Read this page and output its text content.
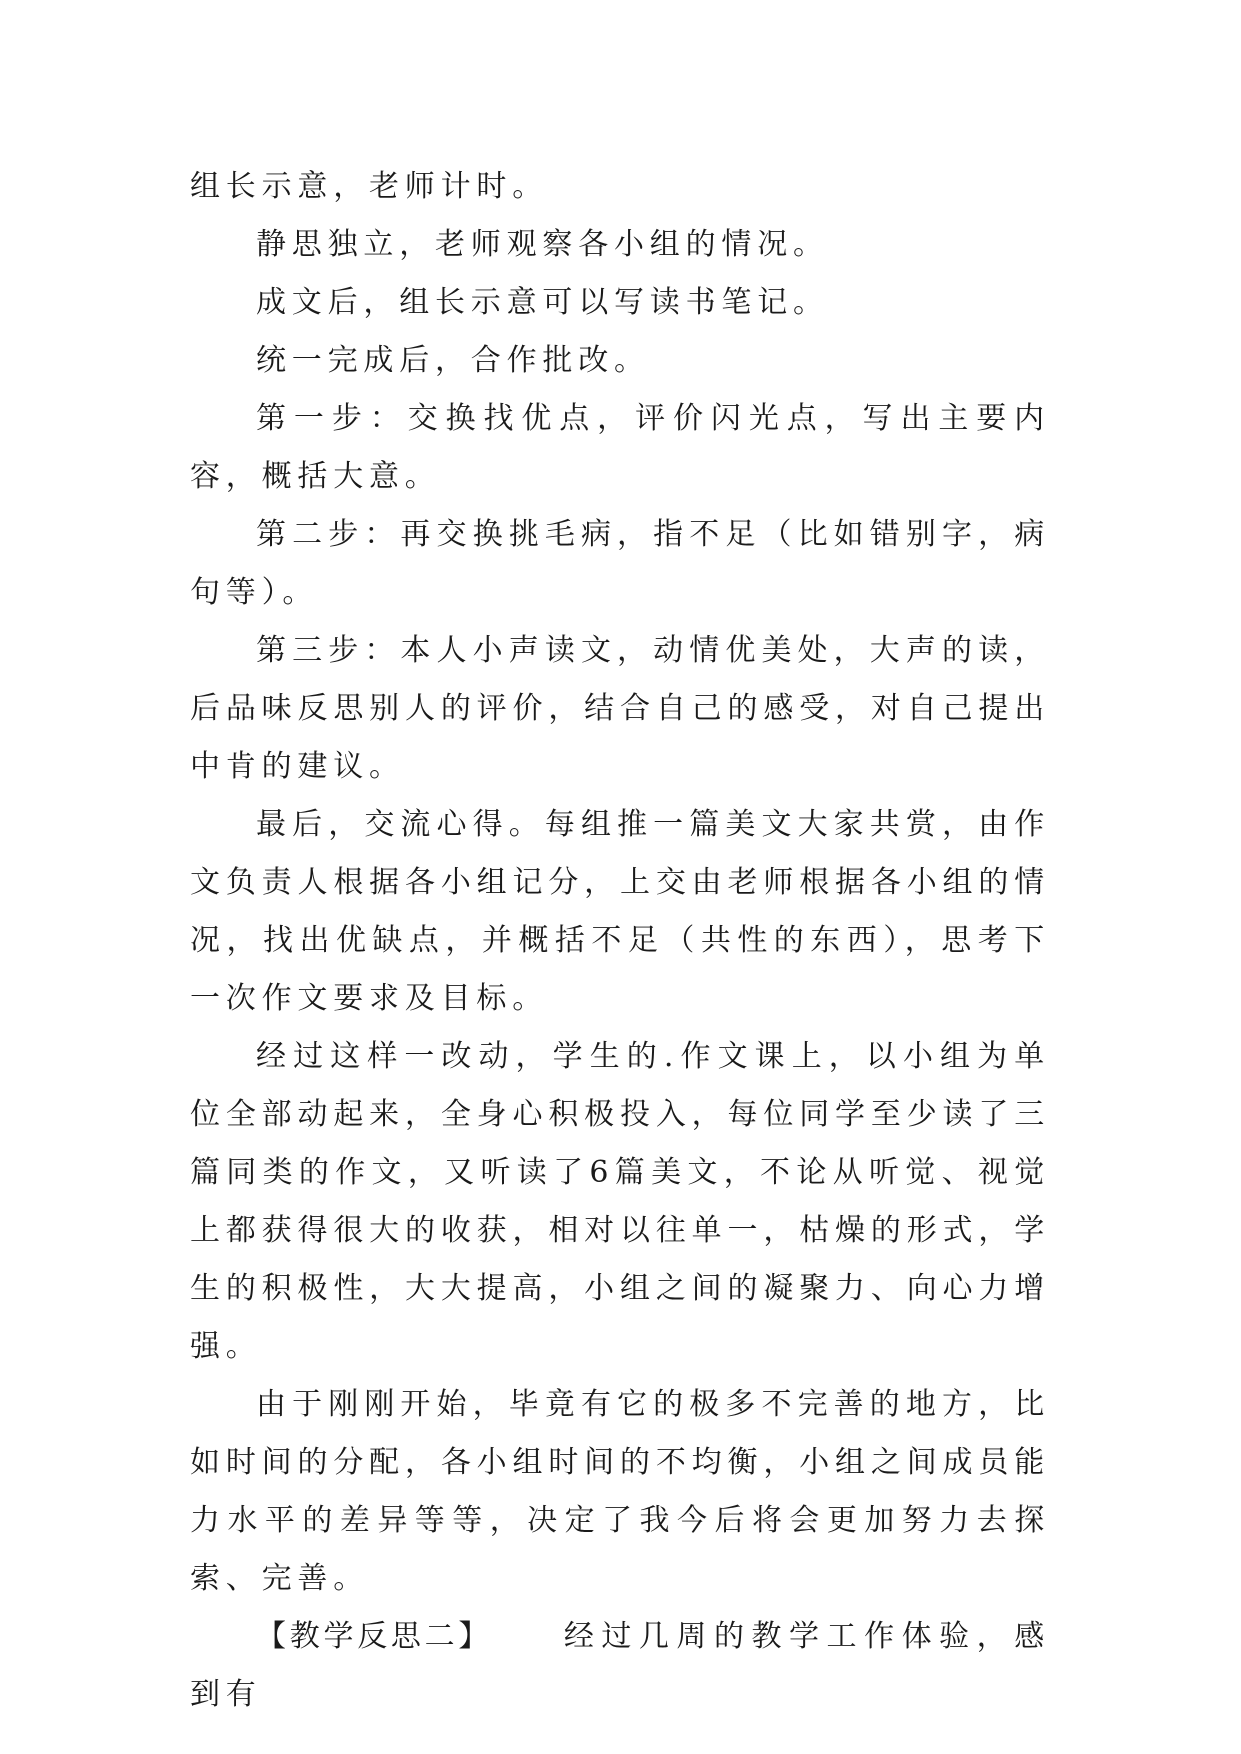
组长示意，老师计时。

静思独立，老师观察各小组的情况。

成文后，组长示意可以写读书笔记。

统一完成后，合作批改。

第一步：交换找优点，评价闪光点，写出主要内容，概括大意。

第二步：再交换挑毛病，指不足（比如错别字，病句等）。

第三步：本人小声读文，动情优美处，大声的读，后品味反思别人的评价，结合自己的感受，对自己提出中肯的建议。

最后，交流心得。每组推一篇美文大家共赏，由作文负责人根据各小组记分，上交由老师根据各小组的情况，找出优缺点，并概括不足（共性的东西），思考下一次作文要求及目标。

经过这样一改动，学生的.作文课上，以小组为单位全部动起来，全身心积极投入，每位同学至少读了三篇同类的作文，又听读了6篇美文，不论从听觉、视觉上都获得很大的收获，相对以往单一，枯燥的形式，学生的积极性，大大提高，小组之间的凝聚力、向心力增强。

由于刚刚开始，毕竟有它的极多不完善的地方，比如时间的分配，各小组时间的不均衡，小组之间成员能力水平的差异等等，决定了我今后将会更加努力去探索、完善。

【教学反思二】 经过几周的教学工作体验，感到有
